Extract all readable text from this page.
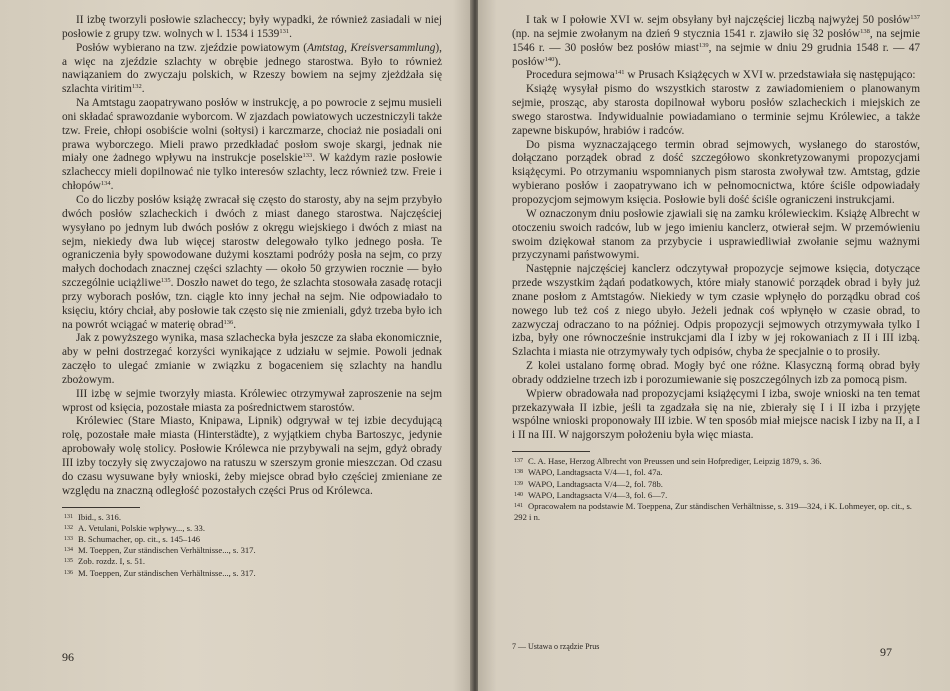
II izbę tworzyli posłowie szlacheccy; były wypadki, że również zasiadali w niej posłowie z grupy tzw. wolnych w l. 1534 i 1539$^{131}$.

Posłów wybierano na tzw. zjeździe powiatowym (Amtstag, Kreisversammlung), a więc na zjeździe szlachty w obrębie jednego starostwa. Było to również nawiązaniem do zwyczaju polskich, w Rzeszy bowiem na sejmy zjeżdżała się szlachta viritim$^{132}$.

Na Amtstagu zaopatrywano posłów w instrukcję, a po powrocie z sejmu musieli oni składać sprawozdanie wyborcom. W zjazdach powiatowych uczestniczyli także tzw. Freie, chłopi osobiście wolni (sołtysi) i karczmarze, chociaż nie posiadali oni prawa wyborczego. Mieli prawo przedkładać posłom swoje skargi, jednak nie miały one żadnego wpływu na instrukcje poselskie$^{133}$. W każdym razie posłowie szlacheccy mieli dopilnować nie tylko interesów szlachty, lecz również tzw. Freie i chłopów$^{134}$.

Co do liczby posłów książę zwracał się często do starosty, aby na sejm przybyło dwóch posłów szlacheckich i dwóch z miast danego starostwa. Najczęściej wysyłano po jednym lub dwóch posłów z okręgu wiejskiego i dwóch z miast na sejm, niekiedy dwa lub więcej starostw delegowało tylko jednego posła. Te ograniczenia były spowodowane dużymi kosztami podróży posła na sejm, co przy małych dochodach znacznej części szlachty — około 50 grzywien rocznie — było szczególnie uciążliwe$^{135}$. Doszło nawet do tego, że szlachta stosowała zasadę rotacji przy wyborach posłów, tzn. ciągle kto inny jechał na sejm. Nie odpowiadało to księciu, który chciał, aby posłowie tak często się nie zmieniali, gdyż trzeba było ich na powrót wciągać w materię obrad$^{136}$.

Jak z powyższego wynika, masa szlachecka była jeszcze za słaba ekonomicznie, aby w pełni dostrzegać korzyści wynikające z udziału w sejmie. Powoli jednak zaczęło to ulegać zmianie w związku z bogaceniem się szlachty na handlu zbożowym.

III izbę w sejmie tworzyły miasta. Królewiec otrzymywał zaproszenie na sejm wprost od księcia, pozostałe miasta za pośrednictwem starostów.

Królewiec (Stare Miasto, Knipawa, Lipnik) odgrywał w tej izbie decydującą rolę, pozostałe małe miasta (Hinterstädte), z wyjątkiem chyba Bartoszyc, jedynie aprobowały wolę stolicy. Posłowie Królewca nie przybywali na sejm, gdyż obrady III izby toczyły się zwyczajowo na ratuszu w szerszym gronie mieszczan. Od czasu do czasu wysuwane były wnioski, żeby miejsce obrad było częściej zmieniane ze względu na znaczną odległość pozostałych części Prus od Królewca.

131 Ibid., s. 316.

132 A. Vetulani, Polskie wpływy..., s. 33.

133 B. Schumacher, op. cit., s. 145–146

134 M. Toeppen, Zur ständischen Verhältnisse..., s. 317.

135 Zob. rozdz. I, s. 51.

136 M. Toeppen, Zur ständischen Verhältnisse..., s. 317.

96

I tak w I połowie XVI w. sejm obsyłany był najczęściej liczbą najwyżej 50 posłów$^{137}$ (np. na sejmie zwołanym na dzień 9 stycznia 1541 r. zjawiło się 32 posłów$^{138}$, na sejmie 1546 r. — 30 posłów bez posłów miast$^{139}$, na sejmie w dniu 29 grudnia 1548 r. — 47 posłów$^{140}$).

Procedura sejmowa$^{141}$ w Prusach Książęcych w XVI w. przedstawiała się następująco:

Książę wysyłał pismo do wszystkich starostw z zawiadomieniem o planowanym sejmie, prosząc, aby starosta dopilnował wyboru posłów szlacheckich i miejskich ze swego starostwa. Indywidualnie powiadamiano o terminie sejmu Królewiec, a także zapewne biskupów, hrabiów i radców.

Do pisma wyznaczającego termin obrad sejmowych, wysłanego do starostów, dołączano porządek obrad z dość szczegółowo skonkretyzowanymi propozycjami książęcymi. Po otrzymaniu wspomnianych pism starosta zwoływał tzw. Amtstag, gdzie wybierano posłów i zaopatrywano ich w pełnomocnictwa, które ściśle odpowiadały propozycjom sejmowym księcia. Posłowie byli dość ściśle ograniczeni instrukcjami.

W oznaczonym dniu posłowie zjawiali się na zamku królewieckim. Książę Albrecht w otoczeniu swoich radców, lub w jego imieniu kanclerz, otwierał sejm. W przemówieniu swoim dziękował stanom za przybycie i usprawiedliwiał zwołanie sejmu ważnymi przyczynami państwowymi.

Następnie najczęściej kanclerz odczytywał propozycje sejmowe księcia, dotyczące przede wszystkim żądań podatkowych, które miały stanowić porządek obrad i były już znane posłom z Amtstagów. Niekiedy w tym czasie wpłynęło do porządku obrad coś nowego lub też coś z niego ubyło. Jeżeli jednak coś wpłynęło w czasie obrad, to zazwyczaj odraczano to na później. Odpis propozycji sejmowych otrzymywała tylko I izba, były one równocześnie instrukcjami dla I izby w jej rokowaniach z II i III izbą. Szlachta i miasta nie otrzymywały tych odpisów, chyba że specjalnie o to prosiły.

Z kolei ustalano formę obrad. Mogły być one różne. Klasyczną formą obrad były obrady oddzielne trzech izb i porozumiewanie się poszczególnych izb za pomocą pism.

Wpierw obradowała nad propozycjami książęcymi I izba, swoje wnioski na ten temat przekazywała II izbie, jeśli ta zgadzała się na nie, zbierały się I i II izba i przyjęte wspólne wnioski proponowały III izbie. W ten sposób miał miejsce nacisk I izby na II, a I i II na III. W najgorszym położeniu była więc miasta.

137 C. A. Hase, Herzog Albrecht von Preussen und sein Hofprediger, Leipzig 1879, s. 36.

138 WAPO, Landtagsacta V/4—1, fol. 47a.

139 WAPO, Landtagsacta V/4—2, fol. 78b.

140 WAPO, Landtagsacta V/4—3, fol. 6—7.

141 Opracowałem na podstawie M. Toeppena, Zur ständischen Verhältnisse, s. 319—324, i K. Lohmeyer, op. cit., s. 292 i n.

7 — Ustawa o rządzie Prus	97
